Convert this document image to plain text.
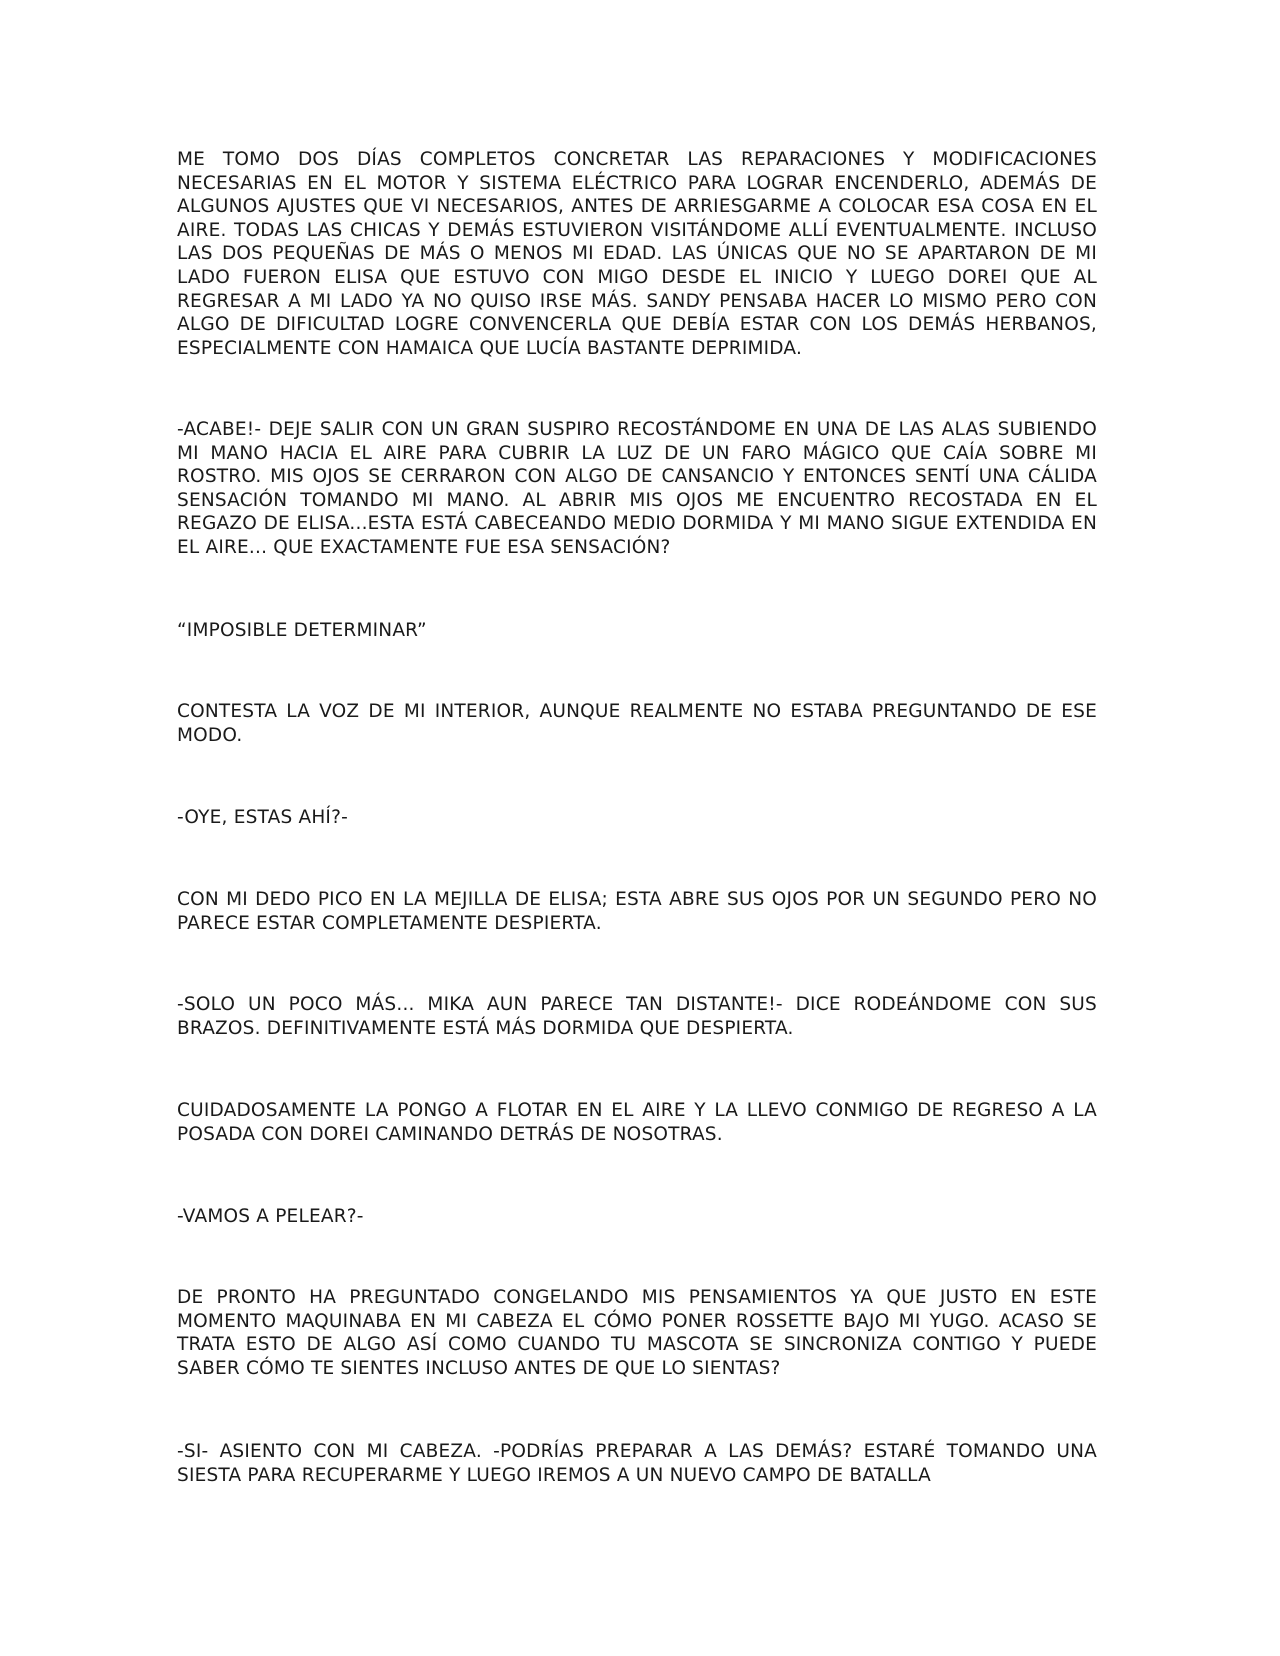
ME TOMO DOS DÍAS COMPLETOS CONCRETAR LAS REPARACIONES Y MODIFICACIONES NECESARIAS EN EL MOTOR Y SISTEMA ELÉCTRICO PARA LOGRAR ENCENDERLO, ADEMÁS DE ALGUNOS AJUSTES QUE VI NECESARIOS, ANTES DE ARRIESGARME A COLOCAR ESA COSA EN EL AIRE. TODAS LAS CHICAS Y DEMÁS ESTUVIERON VISITÁNDOME ALLÍ EVENTUALMENTE. INCLUSO LAS DOS PEQUEÑAS DE MÁS O MENOS MI EDAD. LAS ÚNICAS QUE NO SE APARTARON DE MI LADO FUERON ELISA QUE ESTUVO CON MIGO DESDE EL INICIO Y LUEGO DOREI QUE AL REGRESAR A MI LADO YA NO QUISO IRSE MÁS. SANDY PENSABA HACER LO MISMO PERO CON ALGO DE DIFICULTAD LOGRE CONVENCERLA QUE DEBÍA ESTAR CON LOS DEMÁS HERBANOS, ESPECIALMENTE CON HAMAICA QUE LUCÍA BASTANTE DEPRIMIDA.

-ACABE!- DEJE SALIR CON UN GRAN SUSPIRO RECOSTÁNDOME EN UNA DE LAS ALAS SUBIENDO MI MANO HACIA EL AIRE PARA CUBRIR LA LUZ DE UN FARO MÁGICO QUE CAÍA SOBRE MI ROSTRO. MIS OJOS SE CERRARON CON ALGO DE CANSANCIO Y ENTONCES SENTÍ UNA CÁLIDA SENSACIÓN TOMANDO MI MANO. AL ABRIR MIS OJOS ME ENCUENTRO RECOSTADA EN EL REGAZO DE ELISA...ESTA ESTÁ CABECEANDO MEDIO DORMIDA Y MI MANO SIGUE EXTENDIDA EN EL AIRE... QUE EXACTAMENTE FUE ESA SENSACIÓN?

“IMPOSIBLE DETERMINAR”

CONTESTA LA VOZ DE MI INTERIOR, AUNQUE REALMENTE NO ESTABA PREGUNTANDO DE ESE MODO.

-OYE, ESTAS AHÍ?-

CON MI DEDO PICO EN LA MEJILLA DE ELISA; ESTA ABRE SUS OJOS POR UN SEGUNDO PERO NO PARECE ESTAR COMPLETAMENTE DESPIERTA.

-SOLO UN POCO MÁS... MIKA AUN PARECE TAN DISTANTE!- DICE RODEÁNDOME CON SUS BRAZOS. DEFINITIVAMENTE ESTÁ MÁS DORMIDA QUE DESPIERTA.

CUIDADOSAMENTE LA PONGO A FLOTAR EN EL AIRE Y LA LLEVO CONMIGO DE REGRESO A LA POSADA CON DOREI CAMINANDO DETRÁS DE NOSOTRAS.

-VAMOS A PELEAR?-

DE PRONTO HA PREGUNTADO CONGELANDO MIS PENSAMIENTOS YA QUE JUSTO EN ESTE MOMENTO MAQUINABA EN MI CABEZA EL CÓMO PONER ROSSETTE BAJO MI YUGO. ACASO SE TRATA ESTO DE ALGO ASÍ COMO CUANDO TU MASCOTA SE SINCRONIZA CONTIGO Y PUEDE SABER CÓMO TE SIENTES INCLUSO ANTES DE QUE LO SIENTAS?

-SI- ASIENTO CON MI CABEZA. -PODRÍAS PREPARAR A LAS DEMÁS? ESTARÉ TOMANDO UNA SIESTA PARA RECUPERARME Y LUEGO IREMOS A UN NUEVO CAMPO DE BATALLA
